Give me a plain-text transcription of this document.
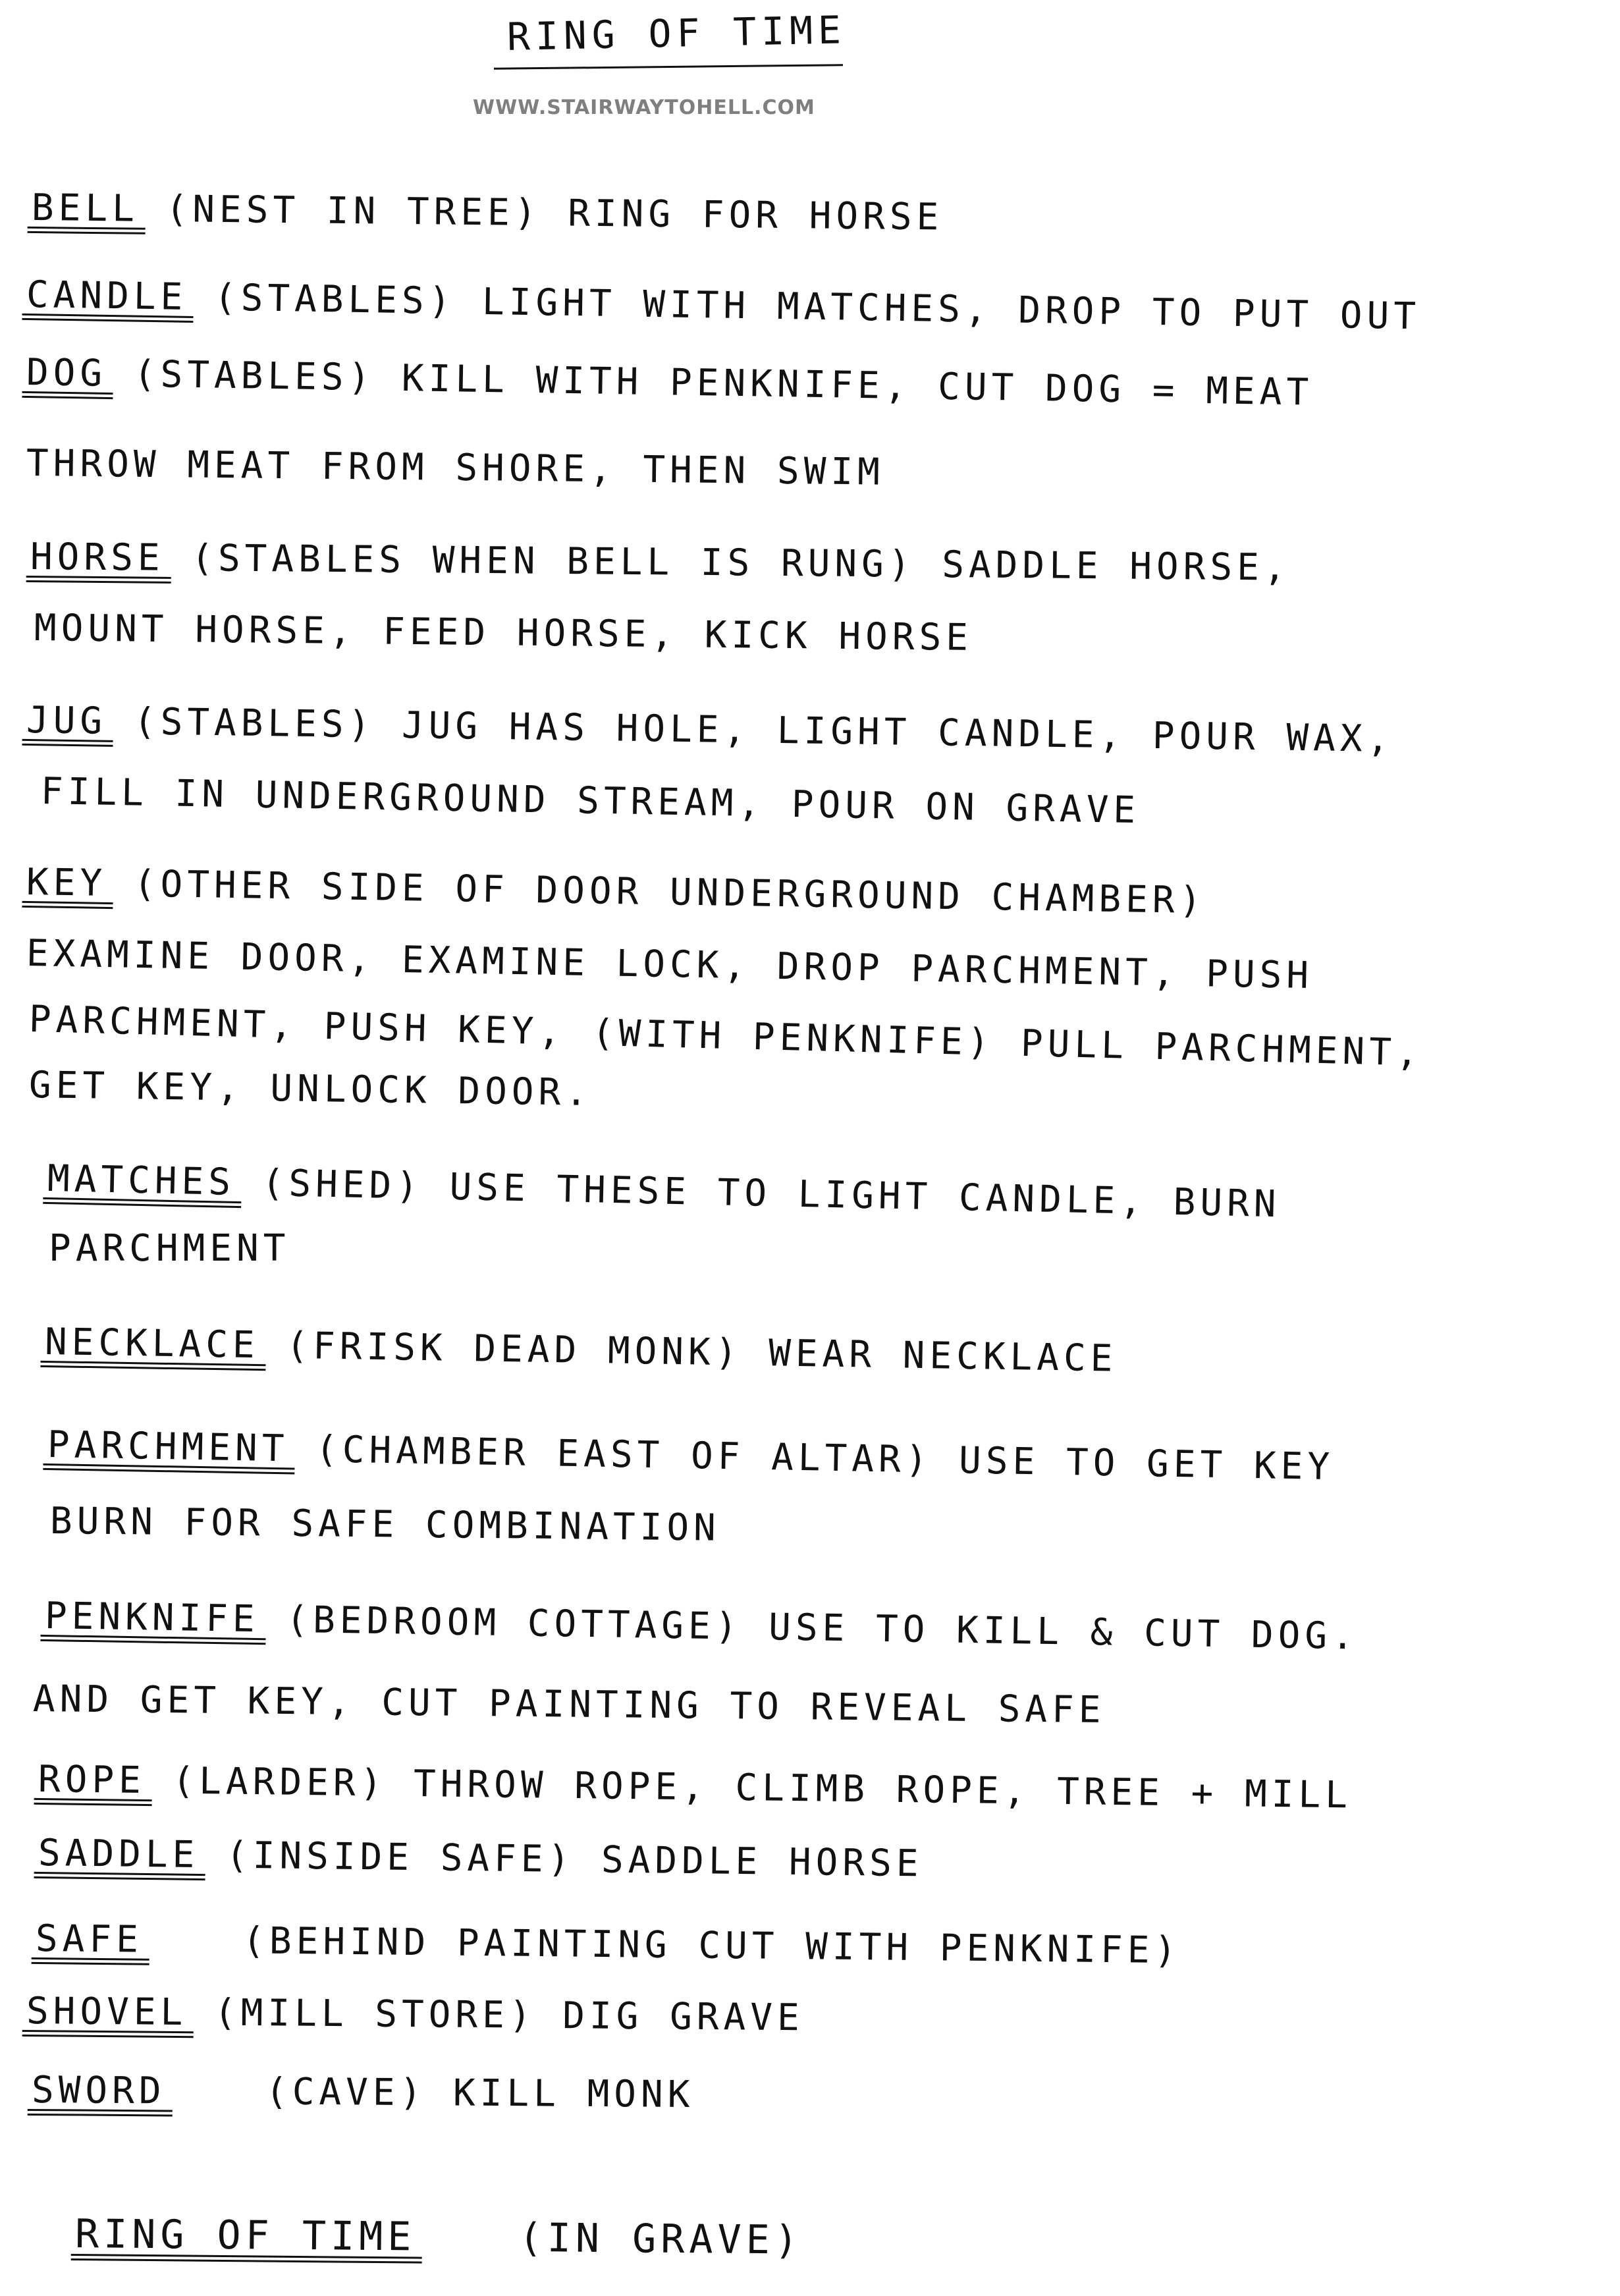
RING OF TIME
WWW.STAIRWAYTOHELL.COM
BELL (NEST IN TREE) RING FOR HORSE
CANDLE (STABLES) LIGHT WITH MATCHES, DROP TO PUT OUT
DOG (STABLES) KILL WITH PENKNIFE, CUT DOG = MEAT
THROW MEAT FROM SHORE, THEN SWIM
HORSE (STABLES WHEN BELL IS RUNG) SADDLE HORSE,
MOUNT HORSE, FEED HORSE, KICK HORSE
JUG (STABLES) JUG HAS HOLE, LIGHT CANDLE, POUR WAX,
FILL IN UNDERGROUND STREAM, POUR ON GRAVE
KEY (OTHER SIDE OF DOOR UNDERGROUND CHAMBER)
EXAMINE DOOR, EXAMINE LOCK, DROP PARCHMENT, PUSH
PARCHMENT, PUSH KEY, (WITH PENKNIFE) PULL PARCHMENT,
GET KEY, UNLOCK DOOR.
MATCHES (SHED) USE THESE TO LIGHT CANDLE, BURN
PARCHMENT
NECKLACE (FRISK DEAD MONK) WEAR NECKLACE
PARCHMENT (CHAMBER EAST OF ALTAR) USE TO GET KEY
BURN FOR SAFE COMBINATION
PENKNIFE (BEDROOM COTTAGE) USE TO KILL & CUT DOG.
AND GET KEY, CUT PAINTING TO REVEAL SAFE
ROPE (LARDER) THROW ROPE, CLIMB ROPE, TREE + MILL
SADDLE (INSIDE SAFE) SADDLE HORSE
SAFE	(BEHIND PAINTING CUT WITH PENKNIFE)
SHOVEL (MILL STORE) DIG GRAVE
SWORD	(CAVE) KILL MONK
RING OF TIME	(IN GRAVE)
